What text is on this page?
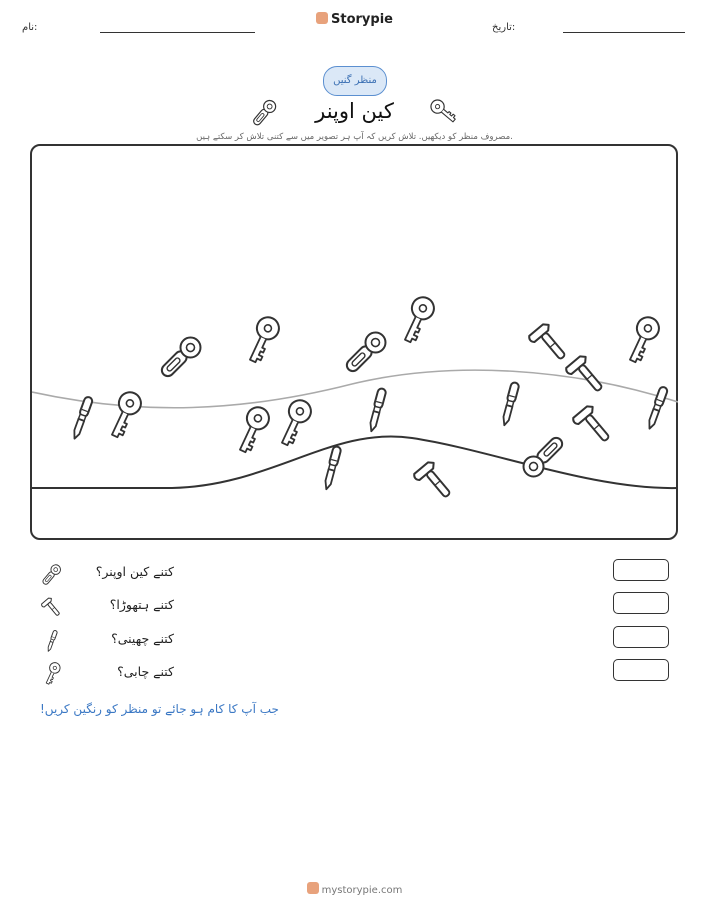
نام:
Storypie
تاریخ:
منظر گنیں
کین اوپنر
مصروف منظر کو دیکھیں. تلاش کریں کہ آپ ہر تصویر میں سے کتنی تلاش کر سکتے ہیں.
کتنے کین اوپنر؟
کتنے ہتھوڑا؟
کتنے چھینی؟
کتنے چابی؟
جب آپ کا کام ہو جائے تو منظر کو رنگین کریں!
mystorypie.com
